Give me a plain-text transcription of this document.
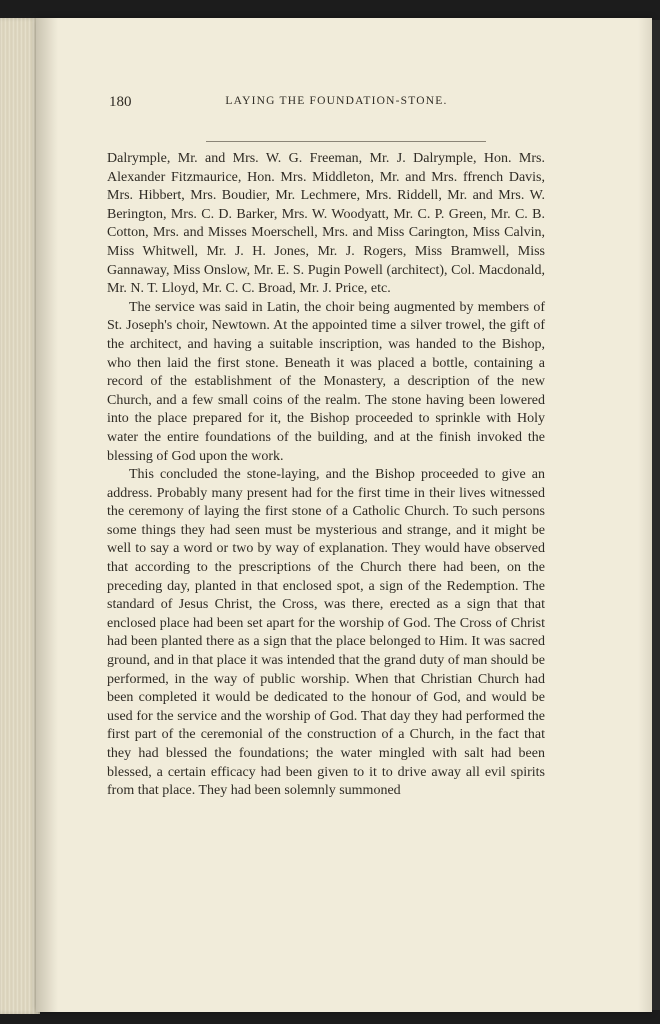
180	LAYING THE FOUNDATION-STONE.

Dalrymple, Mr. and Mrs. W. G. Freeman, Mr. J. Dalrymple, Hon. Mrs. Alexander Fitzmaurice, Hon. Mrs. Middleton, Mr. and Mrs. ffrench Davis, Mrs. Hibbert, Mrs. Boudier, Mr. Lechmere, Mrs. Riddell, Mr. and Mrs. W. Berington, Mrs. C. D. Barker, Mrs. W. Woodyatt, Mr. C. P. Green, Mr. C. B. Cotton, Mrs. and Misses Moerschell, Mrs. and Miss Carington, Miss Calvin, Miss Whitwell, Mr. J. H. Jones, Mr. J. Rogers, Miss Bramwell, Miss Gannaway, Miss Onslow, Mr. E. S. Pugin Powell (architect), Col. Macdonald, Mr. N. T. Lloyd, Mr. C. C. Broad, Mr. J. Price, etc.

The service was said in Latin, the choir being augmented by members of St. Joseph's choir, Newtown. At the appointed time a silver trowel, the gift of the architect, and having a suitable inscription, was handed to the Bishop, who then laid the first stone. Beneath it was placed a bottle, containing a record of the establishment of the Monastery, a description of the new Church, and a few small coins of the realm. The stone having been lowered into the place prepared for it, the Bishop proceeded to sprinkle with Holy water the entire foundations of the building, and at the finish invoked the blessing of God upon the work.

This concluded the stone-laying, and the Bishop proceeded to give an address. Probably many present had for the first time in their lives witnessed the ceremony of laying the first stone of a Catholic Church. To such persons some things they had seen must be mysterious and strange, and it might be well to say a word or two by way of explanation. They would have observed that according to the prescriptions of the Church there had been, on the preceding day, planted in that enclosed spot, a sign of the Redemption. The standard of Jesus Christ, the Cross, was there, erected as a sign that that enclosed place had been set apart for the worship of God. The Cross of Christ had been planted there as a sign that the place belonged to Him. It was sacred ground, and in that place it was intended that the grand duty of man should be performed, in the way of public worship. When that Christian Church had been completed it would be dedicated to the honour of God, and would be used for the service and the worship of God. That day they had performed the first part of the ceremonial of the construction of a Church, in the fact that they had blessed the foundations; the water mingled with salt had been blessed, a certain efficacy had been given to it to drive away all evil spirits from that place. They had been solemnly summoned
